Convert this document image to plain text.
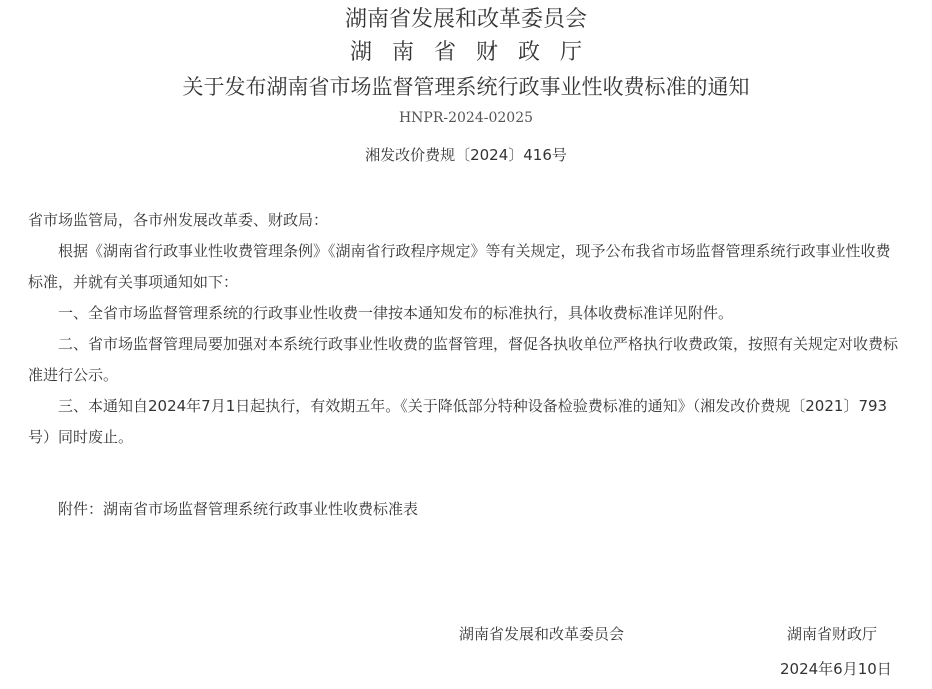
湖南省发展和改革委员会
湖南省财政厅
关于发布湖南省市场监督管理系统行政事业性收费标准的通知
HNPR-2024-02025
湘发改价费规〔2024〕416号

省市场监管局，各市州发展改革委、财政局：

根据《湖南省行政事业性收费管理条例》《湖南省行政程序规定》等有关规定，现予公布我省市场监督管理系统行政事业性收费标准，并就有关事项通知如下：

一、全省市场监督管理系统的行政事业性收费一律按本通知发布的标准执行，具体收费标准详见附件。

二、省市场监督管理局要加强对本系统行政事业性收费的监督管理，督促各执收单位严格执行收费政策，按照有关规定对收费标准进行公示。

三、本通知自2024年7月1日起执行，有效期五年。《关于降低部分特种设备检验费标准的通知》（湘发改价费规〔2021〕793号）同时废止。

附件：湖南省市场监督管理系统行政事业性收费标准表
湖南省发展和改革委员会	湖南省财政厅
2024年6月10日
